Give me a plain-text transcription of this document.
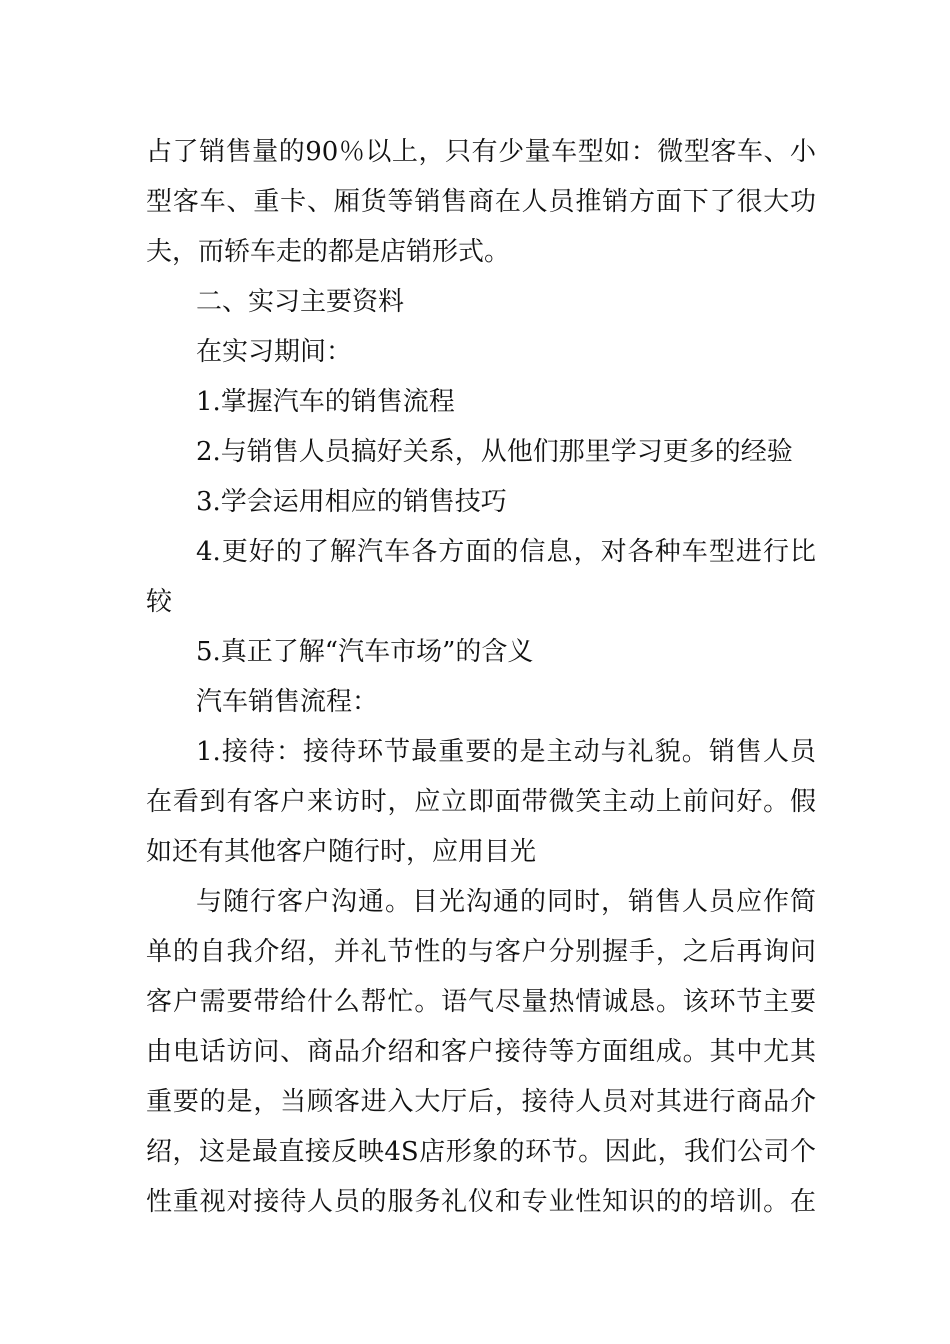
占了销售量的90％以上，只有少量车型如：微型客车、小
型客车、重卡、厢货等销售商在人员推销方面下了很大功
夫，而轿车走的都是店销形式。
二、实习主要资料
在实习期间：
1.掌握汽车的销售流程
2.与销售人员搞好关系，从他们那里学习更多的经验
3.学会运用相应的销售技巧
4.更好的了解汽车各方面的信息，对各种车型进行比
较
5.真正了解“汽车市场”的含义
汽车销售流程：
1.接待：接待环节最重要的是主动与礼貌。销售人员
在看到有客户来访时，应立即面带微笑主动上前问好。假
如还有其他客户随行时，应用目光
与随行客户沟通。目光沟通的同时，销售人员应作简
单的自我介绍，并礼节性的与客户分别握手，之后再询问
客户需要带给什么帮忙。语气尽量热情诚恳。该环节主要
由电话访问、商品介绍和客户接待等方面组成。其中尤其
重要的是，当顾客进入大厅后，接待人员对其进行商品介
绍，这是最直接反映4S店形象的环节。因此，我们公司个
性重视对接待人员的服务礼仪和专业性知识的的培训。在
